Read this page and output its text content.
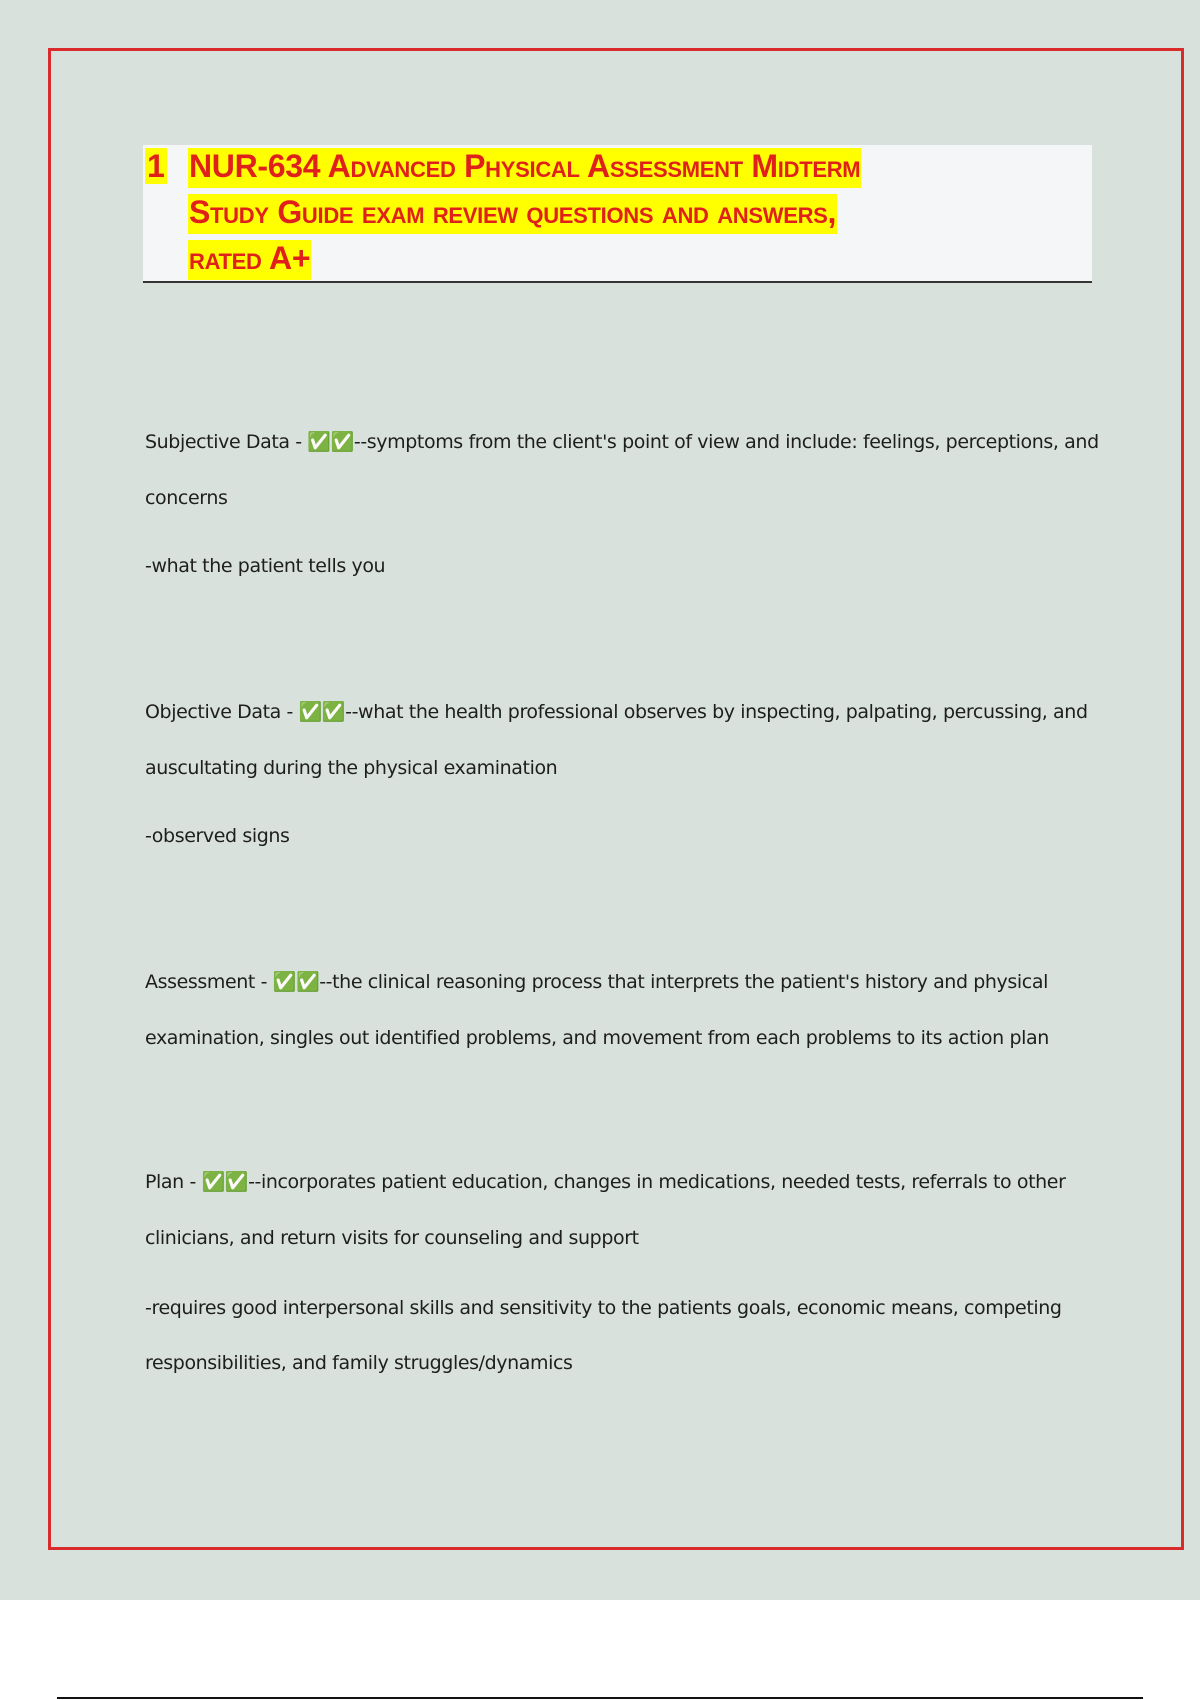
1 NUR-634 Advanced Physical Assessment Midterm
Study Guide exam review questions and answers,
rated A+
Subjective Data - ✅✅--symptoms from the client's point of view and include: feelings, perceptions, and
concerns
-what the patient tells you
Objective Data - ✅✅--what the health professional observes by inspecting, palpating, percussing, and
auscultating during the physical examination
-observed signs
Assessment - ✅✅--the clinical reasoning process that interprets the patient's history and physical
examination, singles out identified problems, and movement from each problems to its action plan
Plan - ✅✅--incorporates patient education, changes in medications, needed tests, referrals to other
clinicians, and return visits for counseling and support
-requires good interpersonal skills and sensitivity to the patients goals, economic means, competing
responsibilities, and family struggles/dynamics
